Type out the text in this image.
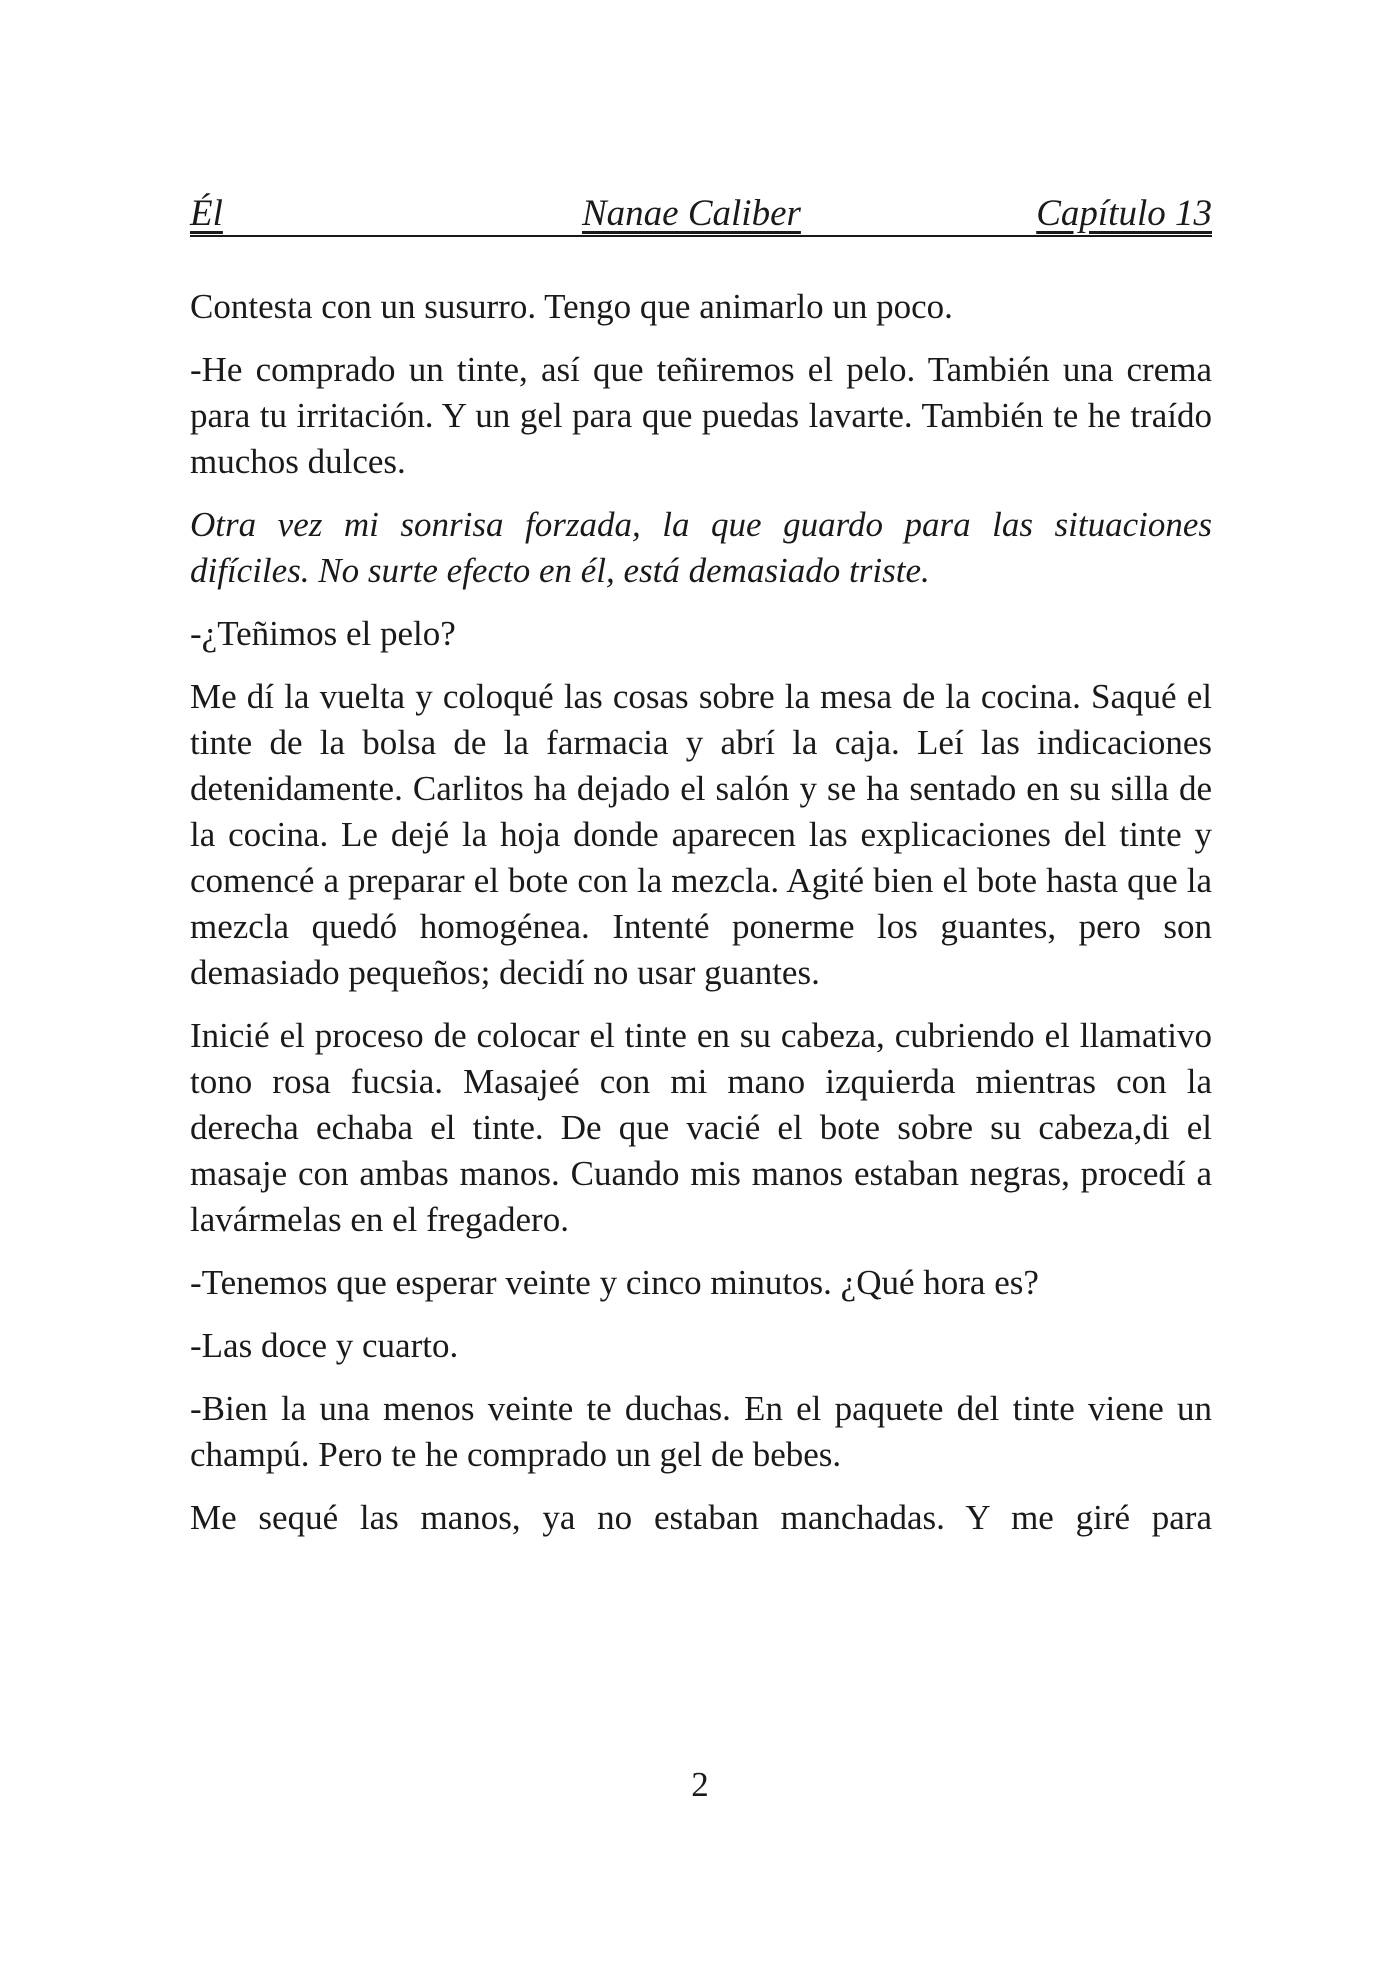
Él	Nanae Caliber	Capítulo 13

Contesta con un susurro. Tengo que animarlo un poco.

-He comprado un tinte, así que teñiremos el pelo. También una crema para tu irritación. Y un gel para que puedas lavarte. También te he traído muchos dulces.

Otra vez mi sonrisa forzada, la que guardo para las situaciones difíciles. No surte efecto en él, está demasiado triste.

-¿Teñimos el pelo?

Me dí la vuelta y coloqué las cosas sobre la mesa de la cocina. Saqué el tinte de la bolsa de la farmacia y abrí la caja. Leí las indicaciones detenidamente. Carlitos ha dejado el salón y se ha sentado en su silla de la cocina. Le dejé la hoja donde aparecen las explicaciones del tinte y comencé a preparar el bote con la mezcla. Agité bien el bote hasta que la mezcla quedó homogénea. Intenté ponerme los guantes, pero son demasiado pequeños; decidí no usar guantes.

Inicié el proceso de colocar el tinte en su cabeza, cubriendo el llamativo tono rosa fucsia. Masajeé con mi mano izquierda mientras con la derecha echaba el tinte. De que vacié el bote sobre su cabeza,di el masaje con ambas manos. Cuando mis manos estaban negras, procedí a lavármelas en el fregadero.

-Tenemos que esperar veinte y cinco minutos. ¿Qué hora es?

-Las doce y cuarto.

-Bien la una menos veinte te duchas. En el paquete del tinte viene un champú. Pero te he comprado un gel de bebes.

Me sequé las manos, ya no estaban manchadas. Y me giré para

2
